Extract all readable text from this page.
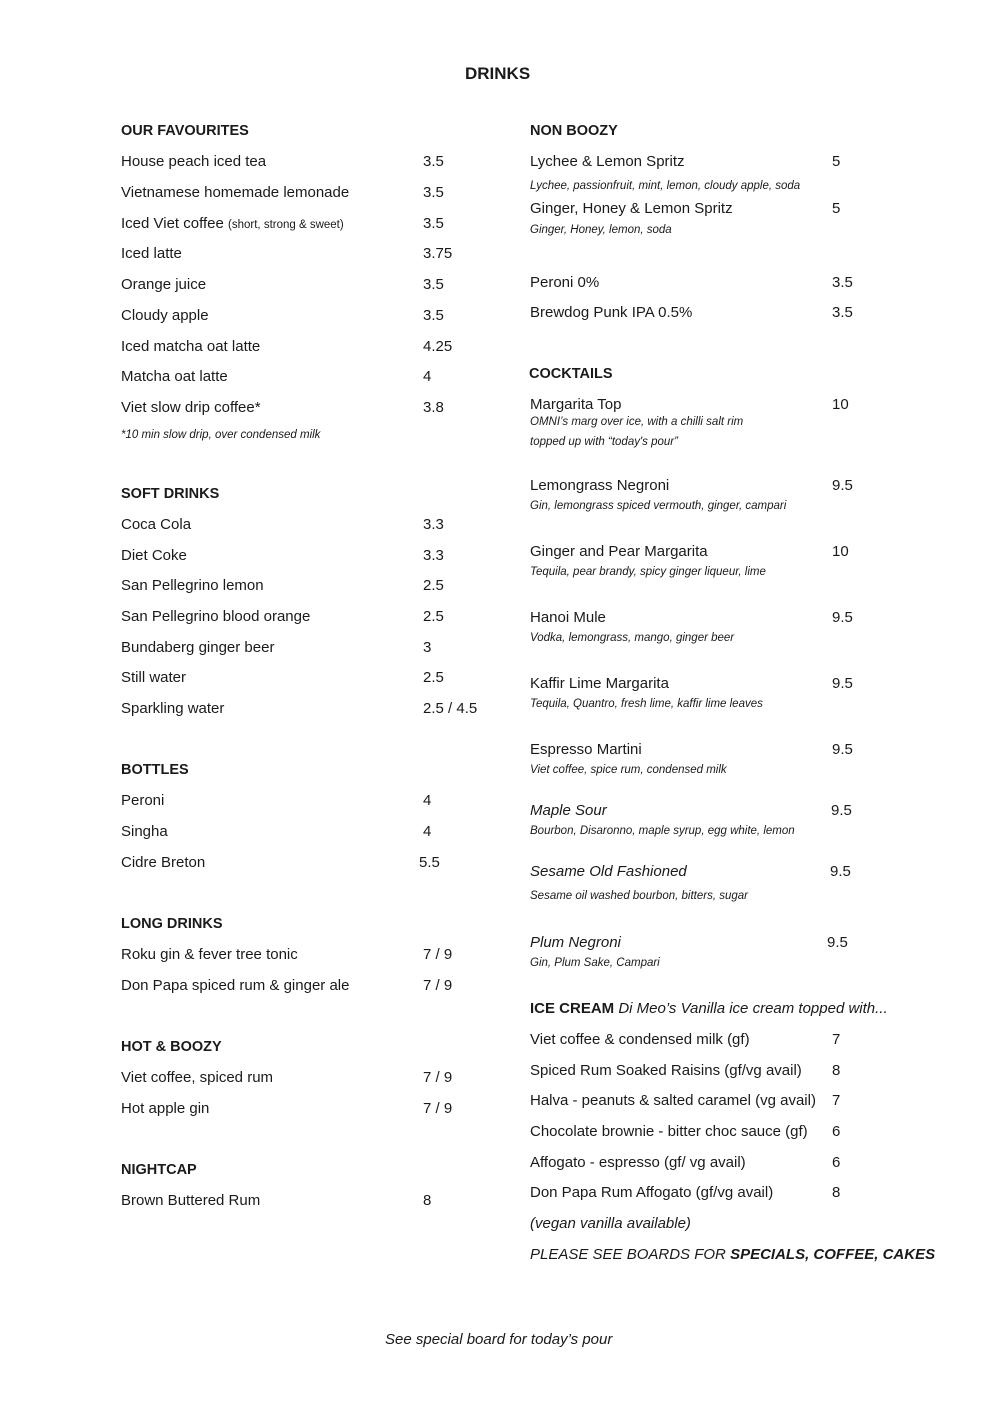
DRINKS
OUR FAVOURITES
House peach iced tea	3.5
Vietnamese homemade lemonade	3.5
Iced Viet coffee (short, strong & sweet)	3.5
Iced latte	3.75
Orange juice	3.5
Cloudy apple	3.5
Iced matcha oat latte	4.25
Matcha oat latte	4
Viet slow drip coffee*	3.8
*10 min slow drip, over condensed milk
SOFT DRINKS
Coca Cola	3.3
Diet Coke	3.3
San Pellegrino lemon	2.5
San Pellegrino blood orange	2.5
Bundaberg ginger beer	3
Still water	2.5
Sparkling water	2.5 / 4.5
BOTTLES
Peroni	4
Singha	4
Cidre Breton	5.5
LONG DRINKS
Roku gin & fever tree tonic	7 / 9
Don Papa spiced rum & ginger ale	7 / 9
HOT & BOOZY
Viet coffee, spiced rum	7 / 9
Hot apple gin	7 / 9
NIGHTCAP
Brown Buttered Rum	8
NON BOOZY
Lychee & Lemon Spritz	5
Lychee, passionfruit, mint, lemon, cloudy apple, soda
Ginger, Honey & Lemon Spritz	5
Ginger, Honey, lemon, soda
Peroni 0%	3.5
Brewdog Punk IPA 0.5%	3.5
COCKTAILS
Margarita Top	10
OMNI’s marg over ice, with a chilli salt rim
topped up with “today's pour”
Lemongrass Negroni	9.5
Gin, lemongrass spiced vermouth, ginger, campari
Ginger and Pear Margarita	10
Tequila, pear brandy, spicy ginger liqueur, lime
Hanoi Mule	9.5
Vodka, lemongrass, mango, ginger beer
Kaffir Lime Margarita	9.5
Tequila, Quantro, fresh lime, kaffir lime leaves
Espresso Martini	9.5
Viet coffee, spice rum, condensed milk
Maple Sour	9.5
Bourbon, Disaronno, maple syrup, egg white, lemon
Sesame Old Fashioned	9.5
Sesame oil washed bourbon, bitters, sugar
Plum Negroni	9.5
Gin, Plum Sake, Campari
ICE CREAM Di Meo’s Vanilla ice cream topped with...
Viet coffee & condensed milk (gf)	7
Spiced Rum Soaked Raisins (gf/vg avail) 8
Halva - peanuts & salted caramel (vg avail) 7
Chocolate brownie - bitter choc sauce (gf) 6
Affogato - espresso (gf/ vg avail)	6
Don Papa Rum Affogato (gf/vg avail)	8
(vegan vanilla available)
PLEASE SEE BOARDS FOR SPECIALS, COFFEE, CAKES
See special board for today’s pour
